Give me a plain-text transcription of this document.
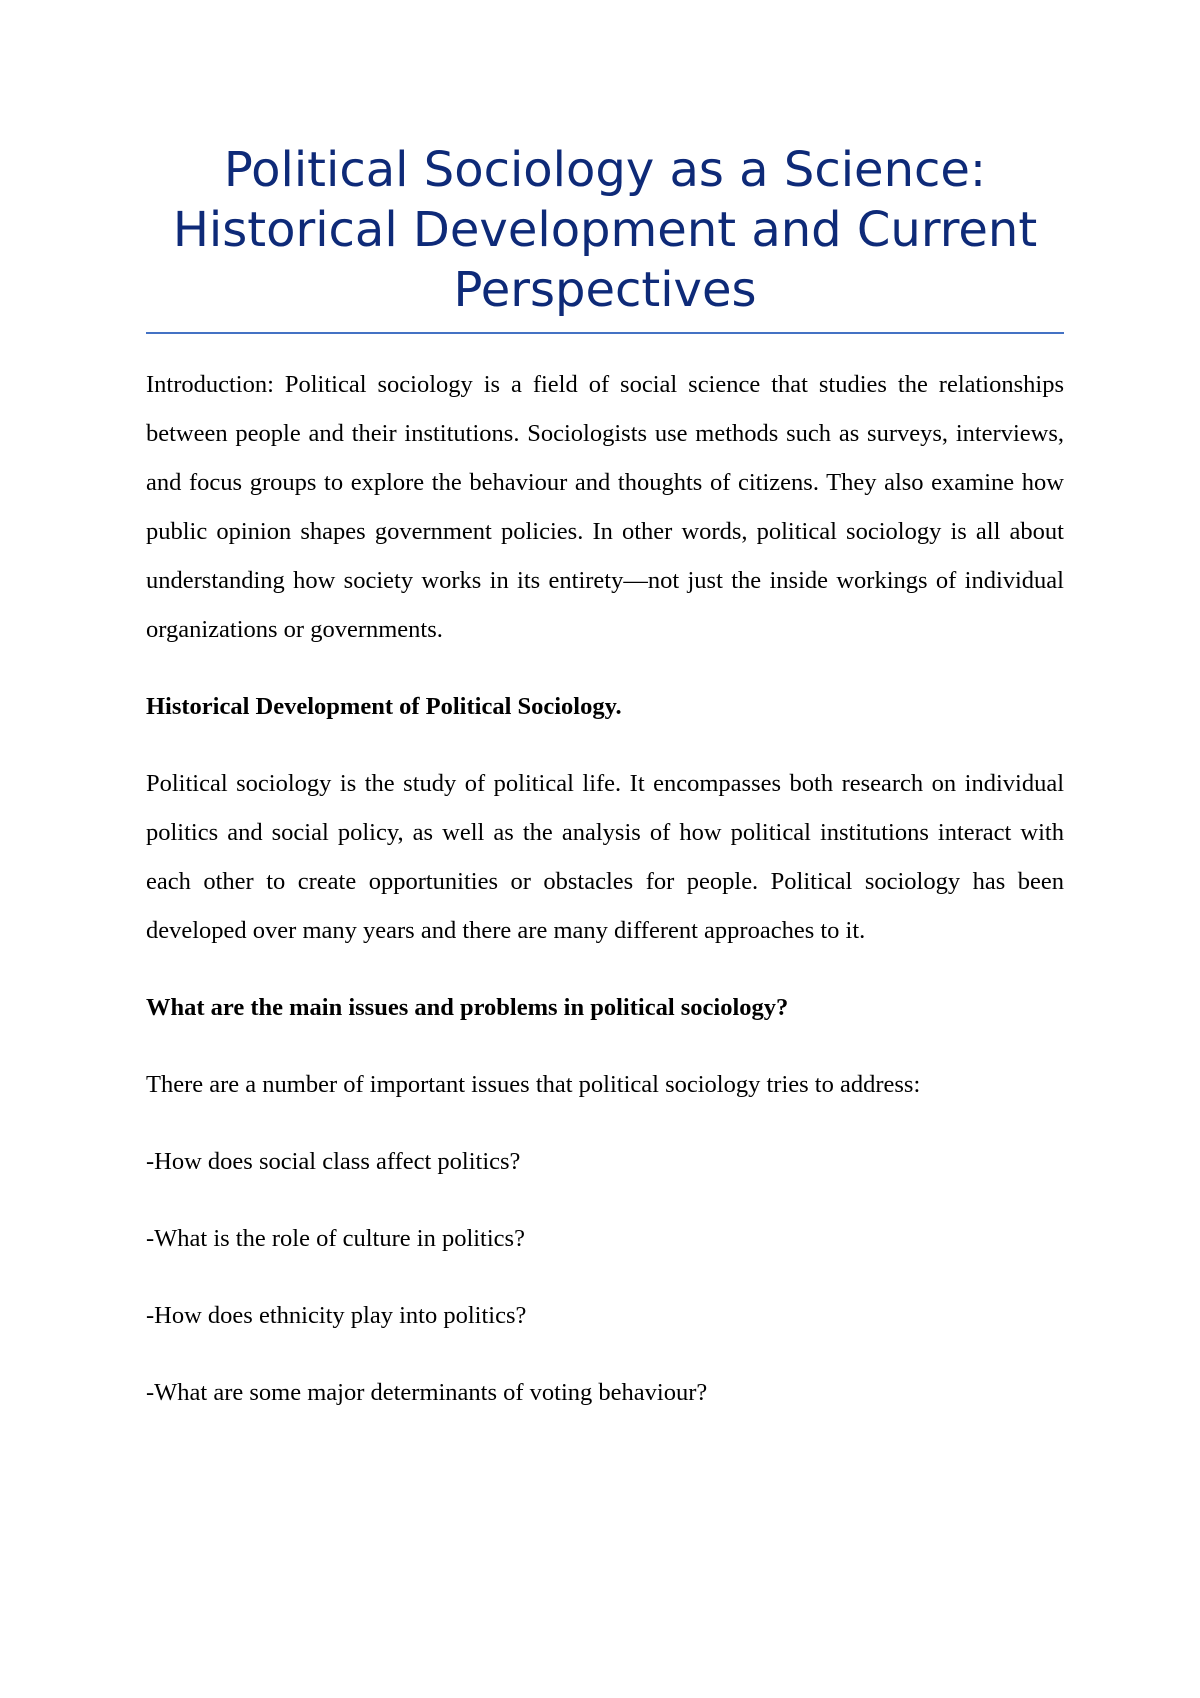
Political Sociology as a Science: Historical Development and Current Perspectives

Introduction: Political sociology is a field of social science that studies the relationships between people and their institutions. Sociologists use methods such as surveys, interviews, and focus groups to explore the behaviour and thoughts of citizens. They also examine how public opinion shapes government policies. In other words, political sociology is all about understanding how society works in its entirety—not just the inside workings of individual organizations or governments.

Historical Development of Political Sociology.

Political sociology is the study of political life. It encompasses both research on individual politics and social policy, as well as the analysis of how political institutions interact with each other to create opportunities or obstacles for people. Political sociology has been developed over many years and there are many different approaches to it.

What are the main issues and problems in political sociology?

There are a number of important issues that political sociology tries to address:

-How does social class affect politics?

-What is the role of culture in politics?

-How does ethnicity play into politics?

-What are some major determinants of voting behaviour?
